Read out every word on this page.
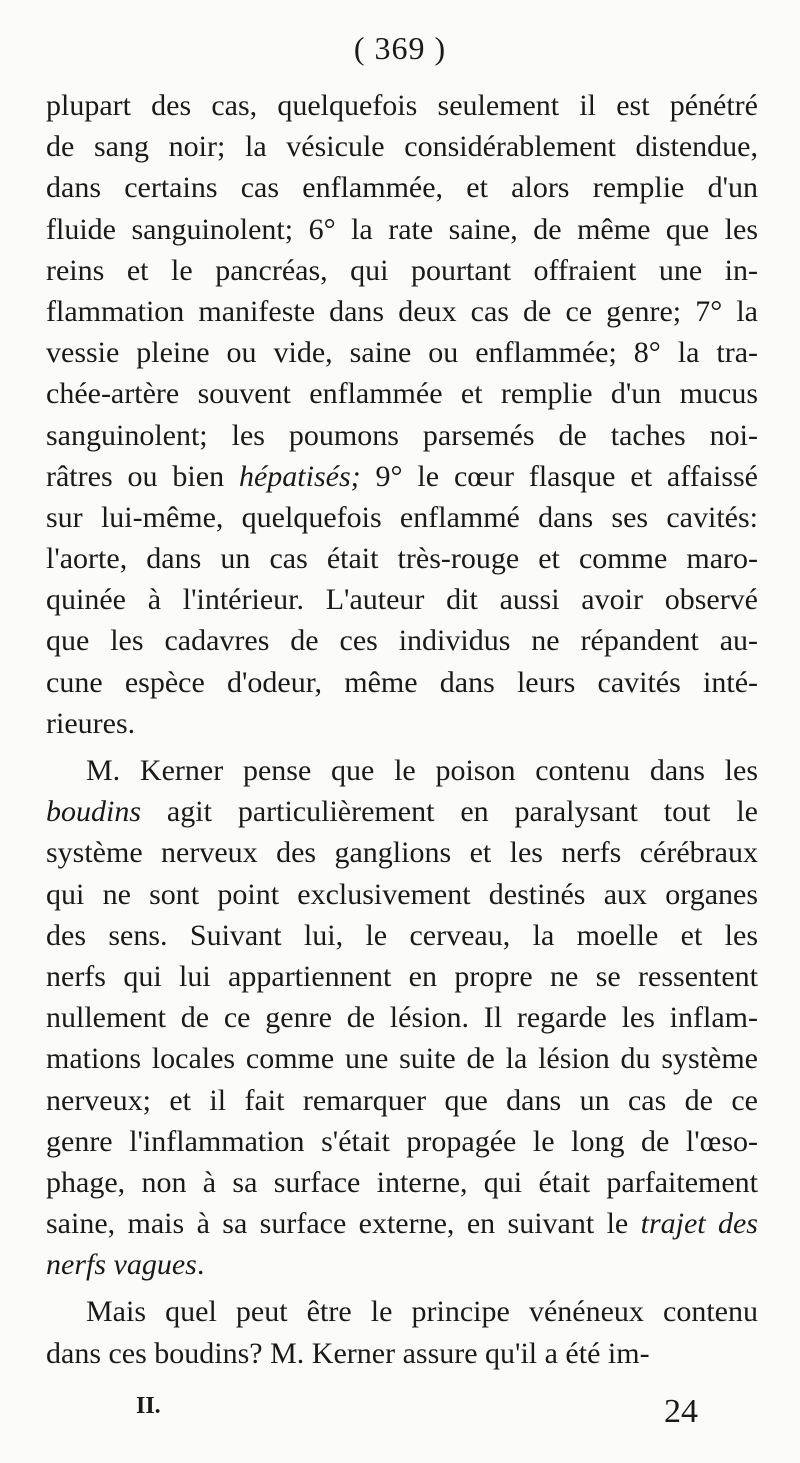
( 369 )
plupart des cas, quelquefois seulement il est pénétré
de sang noir; la vésicule considérablement distendue,
dans certains cas enflammée, et alors remplie d'un
fluide sanguinolent; 6° la rate saine, de même que les
reins et le pancréas, qui pourtant offraient une in-
flammation manifeste dans deux cas de ce genre; 7° la
vessie pleine ou vide, saine ou enflammée; 8° la tra-
chée-artère souvent enflammée et remplie d'un mucus
sanguinolent; les poumons parsemés de taches noi-
râtres ou bien hépatisés; 9° le cœur flasque et affaissé
sur lui-même, quelquefois enflammé dans ses cavités:
l'aorte, dans un cas était très-rouge et comme maro-
quinée à l'intérieur. L'auteur dit aussi avoir observé
que les cadavres de ces individus ne répandent au-
cune espèce d'odeur, même dans leurs cavités inté-
rieures.
M. Kerner pense que le poison contenu dans les
boudins agit particulièrement en paralysant tout le
système nerveux des ganglions et les nerfs cérébraux
qui ne sont point exclusivement destinés aux organes
des sens. Suivant lui, le cerveau, la moelle et les
nerfs qui lui appartiennent en propre ne se ressentent
nullement de ce genre de lésion. Il regarde les inflam-
mations locales comme une suite de la lésion du système
nerveux; et il fait remarquer que dans un cas de ce
genre l'inflammation s'était propagée le long de l'œso-
phage, non à sa surface interne, qui était parfaitement
saine, mais à sa surface externe, en suivant le trajet des
nerfs vagues.
Mais quel peut être le principe vénéneux contenu
dans ces boudins? M. Kerner assure qu'il a été im-
II.	24
